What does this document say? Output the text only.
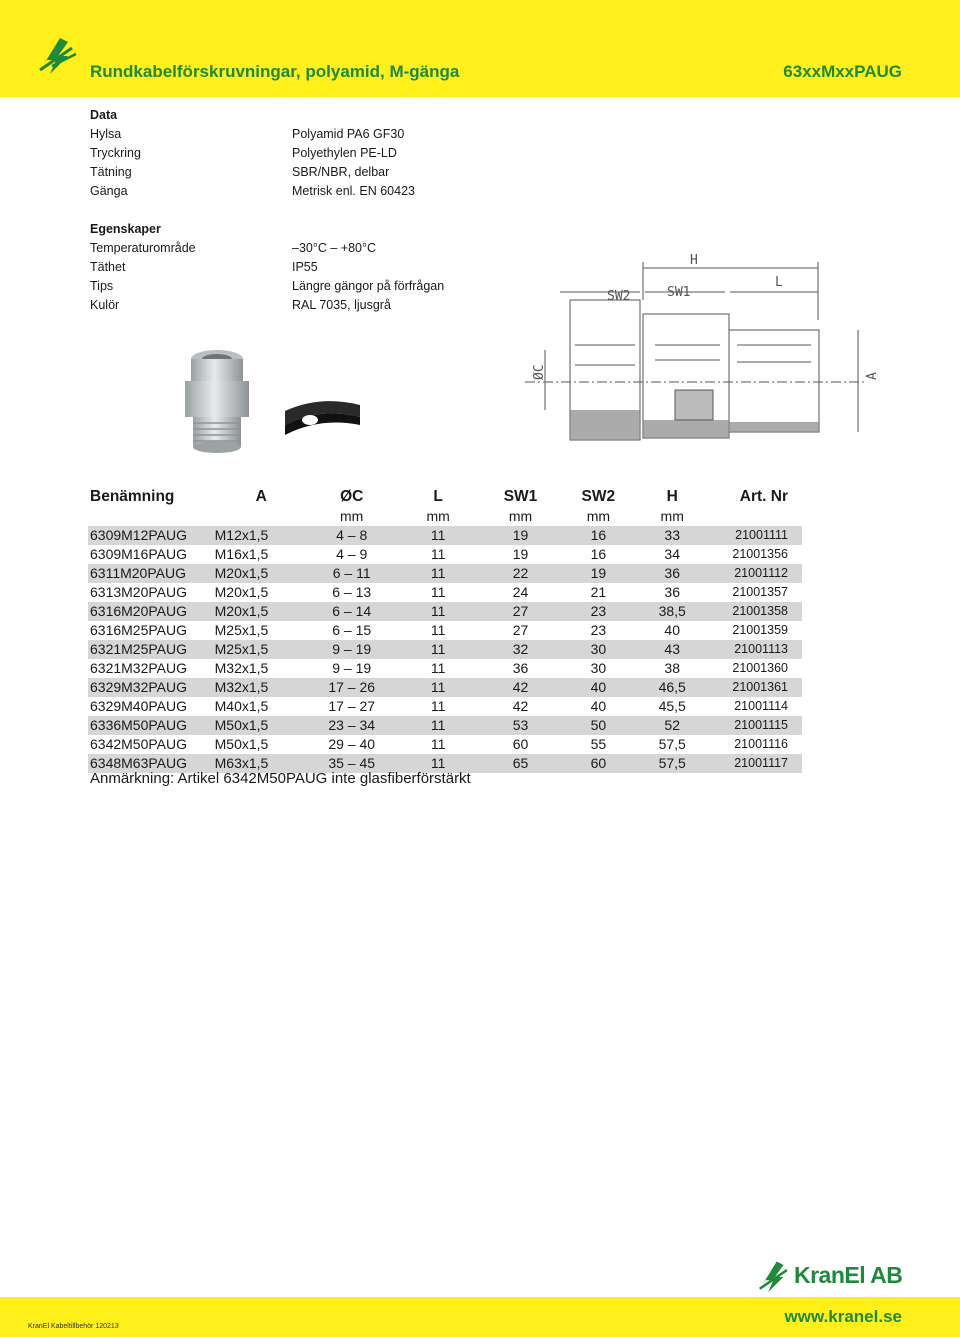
Rundkabelförskruvningar, polyamid, M-gänga	63xxMxxPAUG
Data
Hylsa	Polyamid PA6 GF30
Tryckring	Polyethylen PE-LD
Tätning	SBR/NBR, delbar
Gänga	Metrisk enl. EN 60423
Egenskaper
Temperaturområde	–30°C – +80°C
Täthet	IP55
Tips	Längre gängor på förfrågan
Kulör	RAL 7035, ljusgrå
H
SW2	SW1
L
ØC	A
Benämning	A	ØC	L	SW1	SW2	H	Art. Nr
		mm	mm	mm	mm	mm	
6309M12PAUG	M12x1,5	4 – 8	11	19	16	33	21001111
6309M16PAUG	M16x1,5	4 – 9	11	19	16	34	21001356
6311M20PAUG	M20x1,5	6 – 11	11	22	19	36	21001112
6313M20PAUG	M20x1,5	6 – 13	11	24	21	36	21001357
6316M20PAUG	M20x1,5	6 – 14	11	27	23	38,5	21001358
6316M25PAUG	M25x1,5	6 – 15	11	27	23	40	21001359
6321M25PAUG	M25x1,5	9 – 19	11	32	30	43	21001113
6321M32PAUG	M32x1,5	9 – 19	11	36	30	38	21001360
6329M32PAUG	M32x1,5	17 – 26	11	42	40	46,5	21001361
6329M40PAUG	M40x1,5	17 – 27	11	42	40	45,5	21001114
6336M50PAUG	M50x1,5	23 – 34	11	53	50	52	21001115
6342M50PAUG	M50x1,5	29 – 40	11	60	55	57,5	21001116
6348M63PAUG	M63x1,5	35 – 45	11	65	60	57,5	21001117
Anmärkning: Artikel 6342M50PAUG inte glasfiberförstärkt
KranEl AB
KranEl Kabeltillbehör 120213
www.kranel.se
